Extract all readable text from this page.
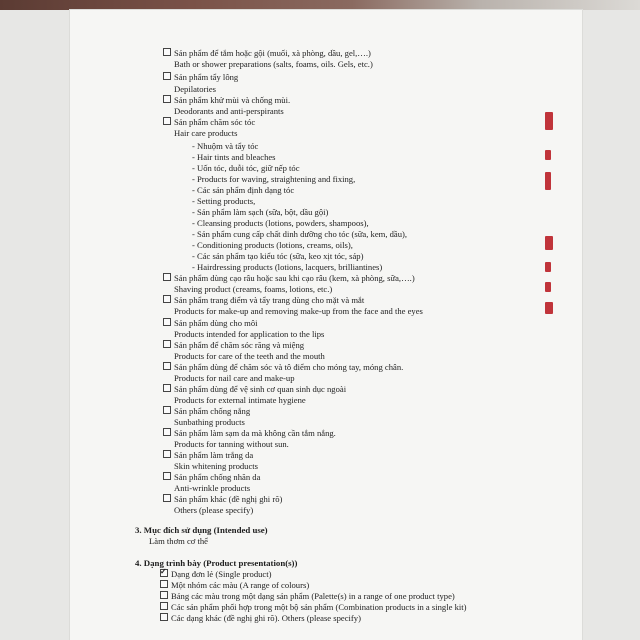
Sản phẩm để tắm hoặc gội (muối, xà phòng, dầu, gel,….)
Bath or shower preparations (salts, foams, oils. Gels, etc.)
Sản phẩm tẩy lông
Depilatories
Sản phẩm khử mùi và chống mùi.
Deodorants and anti-perspirants
Sản phẩm chăm sóc tóc
Hair care products
- Nhuộm và tẩy tóc
- Hair tints and bleaches
- Uốn tóc, duỗi tóc, giữ nếp tóc
- Products for waving, straightening and fixing,
- Các sản phẩm định dạng tóc
- Setting products,
- Sản phẩm làm sạch (sữa, bột, dầu gội)
- Cleansing products (lotions, powders, shampoos),
- Sản phẩm cung cấp chất dinh dưỡng cho tóc (sữa, kem, dầu),
- Conditioning products (lotions, creams, oils),
- Các sản phẩm tạo kiểu tóc (sữa, keo xịt tóc, sáp)
- Hairdressing products (lotions, lacquers, brilliantines)
Sản phẩm dùng cạo râu hoặc sau khi cạo râu (kem, xà phòng, sữa,….)
Shaving product (creams, foams, lotions, etc.)
Sản phẩm trang điểm và tẩy trang dùng cho mặt và mắt
Products for make-up and removing make-up from the face and the eyes
Sản phẩm dùng cho môi
Products intended for application to the lips
Sản phẩm để chăm sóc răng và miệng
Products for care of the teeth and the mouth
Sản phẩm dùng để chăm sóc và tô điểm cho móng tay, móng chân.
Products for nail care and make-up
Sản phẩm dùng để vệ sinh cơ quan sinh dục ngoài
Products for external intimate hygiene
Sản phẩm chống nắng
Sunbathing products
Sản phẩm làm sạm da mà không cần tắm nắng.
Products for tanning without sun.
Sản phẩm làm trắng da
Skin whitening products
Sản phẩm chống nhăn da
Anti-wrinkle products
Sản phẩm khác (đề nghị ghi rõ)
Others (please specify)
3. Mục đích sử dụng (Intended use)
Làm thơm cơ thể
4. Dạng trình bày (Product presentation(s))
✓Dạng đơn lẻ (Single product)
Một nhóm các màu (A range of colours)
Bảng các màu trong một dạng sản phẩm (Palette(s) in a range of one product type)
Các sản phẩm phối hợp trong một bộ sản phẩm (Combination products in a single kit)
Các dạng khác (đề nghị ghi rõ). Others (please specify)
